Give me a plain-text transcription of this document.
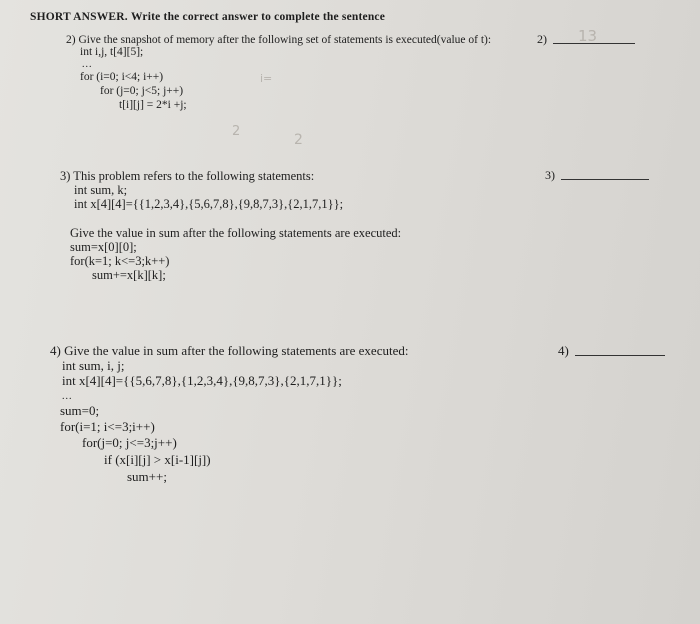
SHORT ANSWER. Write the correct answer to complete the sentence
2) Give the snapshot of memory after the following set of statements is executed(value of t):
int i,j, t[4][5];
...
for (i=0; i<4; i++)
for (j=0; j<5; j++)
t[i][j] = 2*i +j;
i=
2
2
2) 13
3) This problem refers to the following statements:
int sum, k;
int x[4][4]={{1,2,3,4},{5,6,7,8},{9,8,7,3},{2,1,7,1}};
Give the value in sum after the following statements are executed:
sum=x[0][0];
for(k=1; k<=3;k++)
sum+=x[k][k];
3)
4) Give the value in sum after the following statements are executed:
int sum, i, j;
int x[4][4]={{5,6,7,8},{1,2,3,4},{9,8,7,3},{2,1,7,1}};
...
sum=0;
for(i=1; i<=3;i++)
for(j=0; j<=3;j++)
if (x[i][j] > x[i-1][j])
sum++;
4)
